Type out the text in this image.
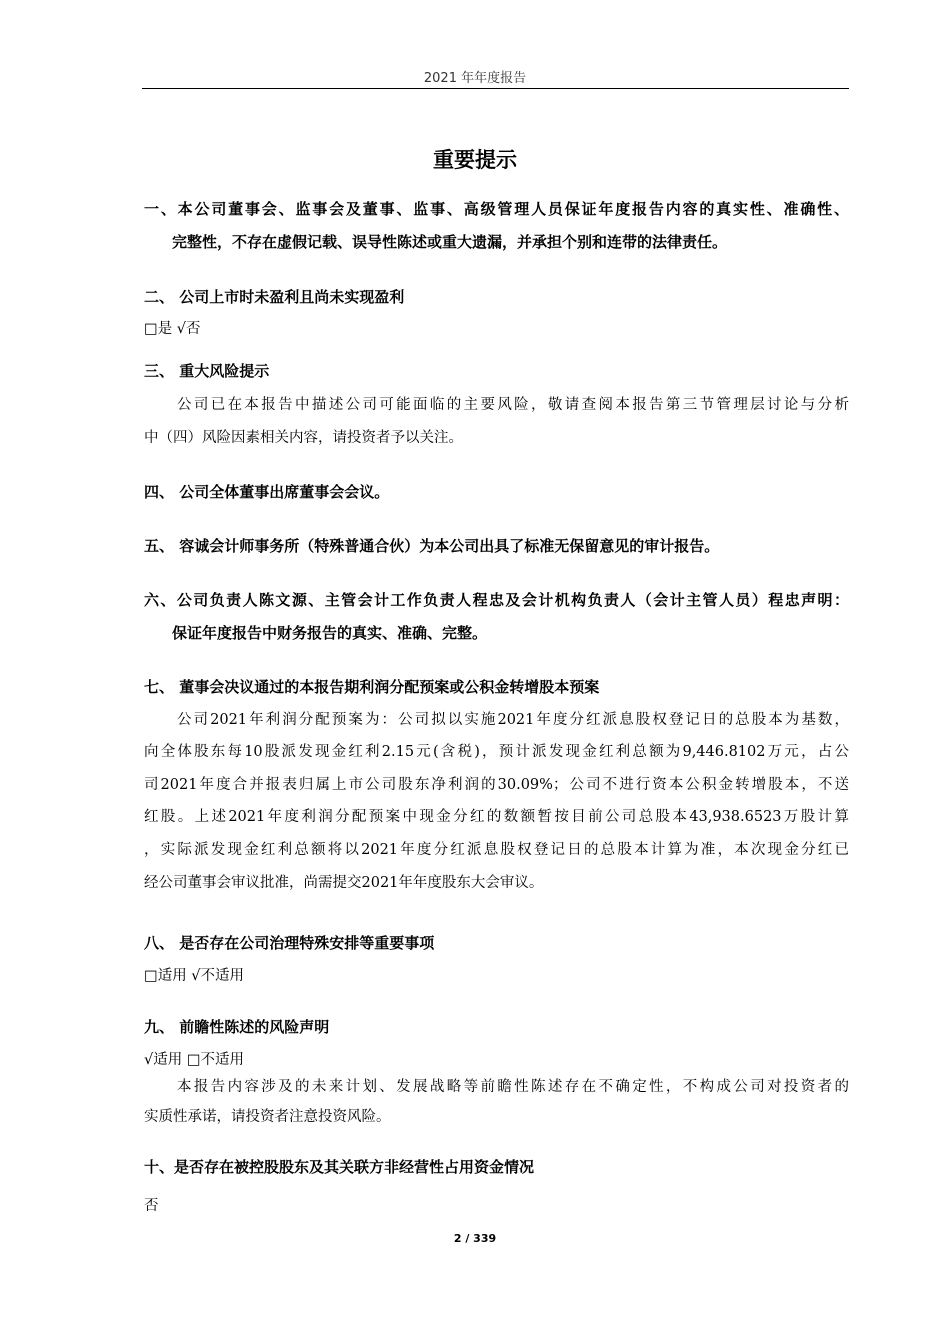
2021 年年度报告
重要提示
一、本公司董事会、监事会及董事、监事、高级管理人员保证年度报告内容的真实性、准确性、
完整性，不存在虚假记载、误导性陈述或重大遗漏，并承担个别和连带的法律责任。
二、 公司上市时未盈利且尚未实现盈利
□是 √否
三、 重大风险提示
公司已在本报告中描述公司可能面临的主要风险，敬请查阅本报告第三节管理层讨论与分析
中（四）风险因素相关内容，请投资者予以关注。
四、 公司全体董事出席董事会会议。
五、 容诚会计师事务所（特殊普通合伙）为本公司出具了标准无保留意见的审计报告。
六、公司负责人陈文源、主管会计工作负责人程忠及会计机构负责人（会计主管人员）程忠声明：
保证年度报告中财务报告的真实、准确、完整。
七、 董事会决议通过的本报告期利润分配预案或公积金转增股本预案
公司2021年利润分配预案为：公司拟以实施2021年度分红派息股权登记日的总股本为基数，
向全体股东每10股派发现金红利2.15元(含税)，预计派发现金红利总额为9,446.8102万元，占公
司2021年度合并报表归属上市公司股东净利润的30.09%；公司不进行资本公积金转增股本，不送
红股。上述2021年度利润分配预案中现金分红的数额暂按目前公司总股本43,938.6523万股计算
，实际派发现金红利总额将以2021年度分红派息股权登记日的总股本计算为准，本次现金分红已
经公司董事会审议批准，尚需提交2021年年度股东大会审议。
八、 是否存在公司治理特殊安排等重要事项
□适用 √不适用
九、 前瞻性陈述的风险声明
√适用 □不适用
本报告内容涉及的未来计划、发展战略等前瞻性陈述存在不确定性，不构成公司对投资者的
实质性承诺，请投资者注意投资风险。
十、是否存在被控股股东及其关联方非经营性占用资金情况
否
2 / 339
